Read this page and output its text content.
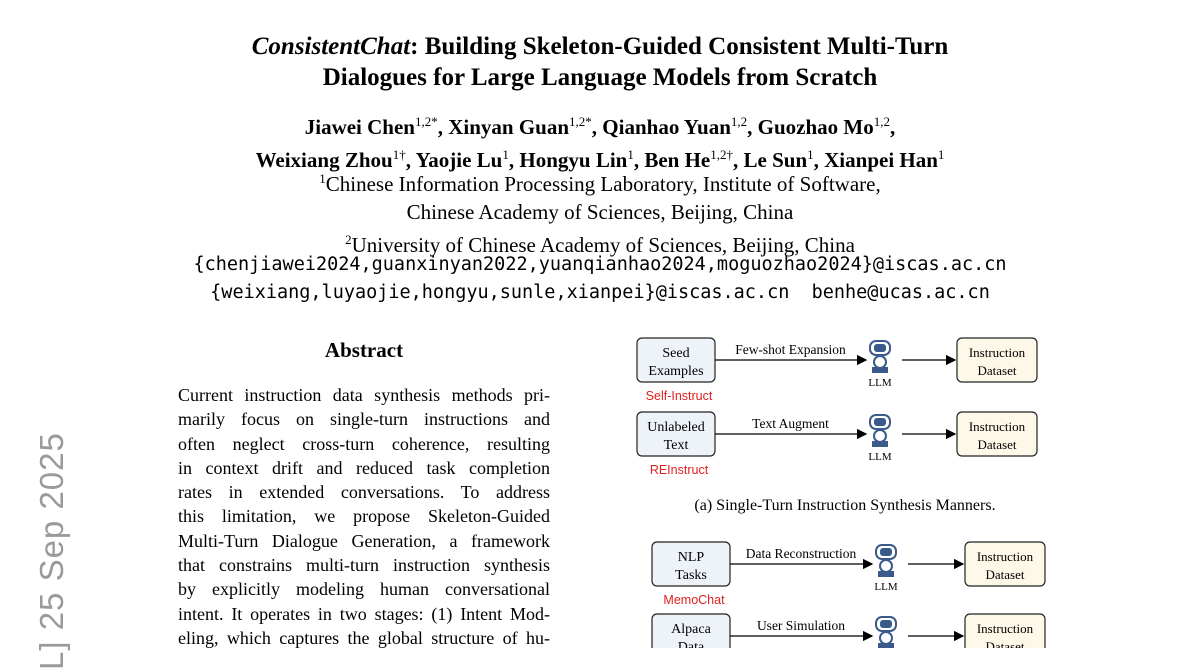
ConsistentChat: Building Skeleton-Guided Consistent Multi-Turn
Dialogues for Large Language Models from Scratch
Jiawei Chen$^{1,2*}$, Xinyan Guan$^{1,2*}$, Qianhao Yuan$^{1,2}$, Guozhao Mo$^{1,2}$,
Weixiang Zhou$^{1\dagger}$, Yaojie Lu$^1$, Hongyu Lin$^1$, Ben $He^{1,2\dagger}$, Le Sun$^1$, Xianpei Han$^1$
$^1$Chinese Information Processing Laboratory, Institute of Software,
Chinese Academy of Sciences, Beijing, China
$^2$University of Chinese Academy of Sciences, Beijing, China
{chenjiawei2024,guanxinyan2022,yuanqianhao2024,moguozhao2024}@iscas.ac.cn
{weixiang,luyaojie,hongyu,sunle,xianpei}@iscas.ac.cn  benhe@ucas.ac.cn
Abstract
Current instruction data synthesis methods pri-
marily focus on single-turn instructions and
often neglect cross-turn coherence, resulting
in context drift and reduced task completion
rates in extended conversations. To address
this limitation, we propose Skeleton-Guided
Multi-Turn Dialogue Generation, a framework
that constrains multi-turn instruction synthesis
by explicitly modeling human conversational
intent. It operates in two stages: (1) Intent Mod-
eling, which captures the global structure of hu-
L] 25 Sep 2025
Seed
Examples
Self-Instruct
Few-shot Expansion
LLM
Instruction
Dataset
Unlabeled
Text
REInstruct
Text Augment
LLM
Instruction
Dataset
NLP
Tasks
MemoChat
Data Reconstruction
LLM
Instruction
Dataset
Alpaca
Data
User Simulation	Instruction
Dataset
(a) Single-Turn Instruction Synthesis Manners.
